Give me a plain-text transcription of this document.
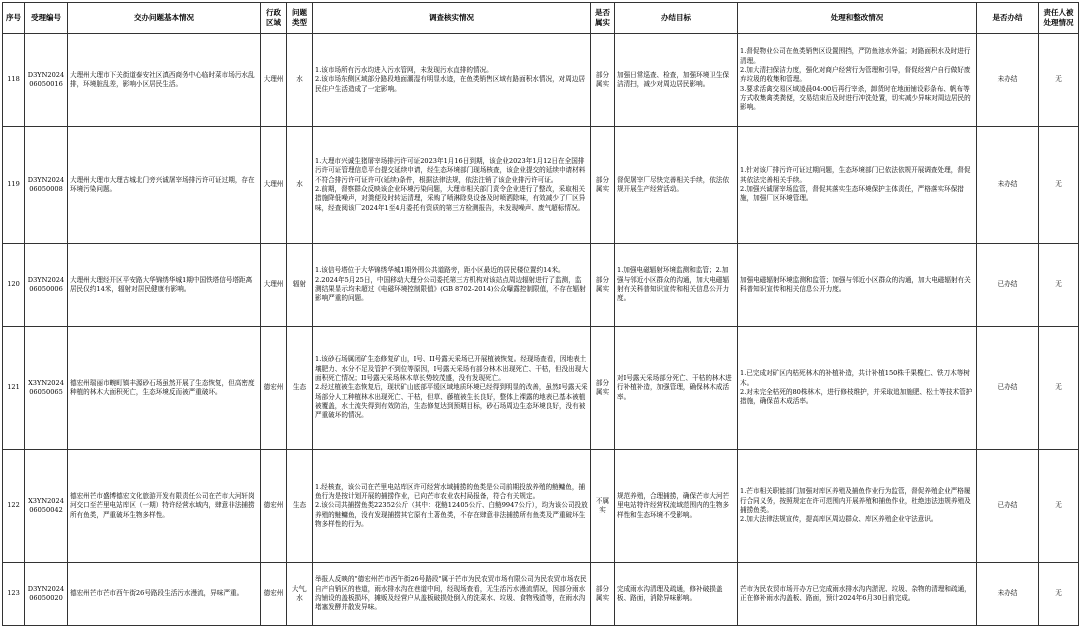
序号	受理编号	交办问题基本情况	行政区域	问题类型	调查核实情况	是否属实	办结目标	处理和整改情况	是否办结	责任人被处理情况
118	D3YN2024 06050016	大理州大理市下关街道泰安社区滇西商务中心临时菜市场污水乱排，环境脏乱差，影响小区居民生活。	大理州	水	1.该市场所有污水均进入污水管网，未发现污水直排的情况。
2.该市场东侧区域部分路段地面潮湿有明显水迹，在鱼类销售区域有路面积水情况，对周边居民住户生活造成了一定影响。	部分属实	加强日常巡查、检查，加强环境卫生保洁清扫，减少对周边居民影响。	1.督促物业公司在鱼类销售区设置围挡，严防鱼池水外溢；对路面积水及时进行清理。
2.加大清扫保洁力度，强化对商户经营行为管理和引导，督促经营户自行做好废弃垃圾的收集和管理。
3.要求活禽交易区域凌晨04:00后再行宰杀，卸货时在地面铺设彩条布、帆布等方式收集禽类粪便，交易结束后及时进行冲洗处置，切实减少异味对周边居民的影响。	未办结	无
119	D3YN2024 06050008	大理州大理市大理古城北门旁兴诚屠宰场排污许可证过期，存在环境污染问题。	大理州	水	1.大理市兴诚生猪屠宰场排污许可证2023年1月16日到期，该企业2023年1月12日在全国排污许可证管理信息平台提交延续申请，经生态环境部门现场核查，该企业提交的延续申请材料不符合排污许可证许可(延续)条件，根据法律法规，依法注销了该企业排污许可证。
2.前期，督察群众反映该企业环境污染问题，大理市相关部门责令企业进行了整改，采取相关措施降低噪声，对粪便及时转运清理，采购了喷淋除臭设备及时喷洒除味，有效减少了厂区异味，经查阅该厂2024年1至4月委托有资质的第三方检测报告，未发现噪声、废气超标情况。	部分属实	督促屠宰厂尽快完善相关手续，依法依规开展生产经营活动。	1.针对该厂排污许可证过期问题，生态环境部门已依法依规开展调查处理，督促其依法完善相关手续。
2.加强兴诚屠宰场监管，督促其落实生态环境保护主体责任，严格落实环保措施，加强厂区环境管理。	未办结	无
120	D3YN2024 06050006	大理州大理经开区平安路大华锦绣华城1期中国铁塔信号塔距离居民仅约14米，辐射对居民健康有影响。	大理州	辐射	1.该信号塔位于大华锦绣华城1期外围公共道路旁，距小区最近的居民楼位置约14米。
2.2024年5月25日，中国移动大理分公司委托第三方机构对该站点周边辐射进行了监测，监测结果显示均未超过《电磁环境控制限值》(GB 8702-2014)公众曝露控制限值，不存在辐射影响严重的问题。	部分属实	1.加强电磁辐射环境监测和监管；2.加强与邻近小区群众的沟通，加大电磁辐射有关科普知识宣传和相关信息公开力度。	加强电磁辐射环境监测和监管；加强与邻近小区群众的沟通，加大电磁辐射有关科普知识宣传和相关信息公开力度。	已办结	无
121	X3YN2024 06050065	德宏州瑞丽市畹町镇丰源砂石场虽然开展了生态恢复，但高密度种植的林木大面积死亡，生态环境反而被严重破坏。	德宏州	生态	1.该砂石场属闭矿生态修复矿山，I号、II号露天采场已开展植被恢复。经现场查看，因地表土壤肥力、水分不足及管护不到位等原因，I号露天采场有部分林木出现死亡、干枯，但没出现大面积死亡情况；II号露天采场林木草长势较茂盛，没有发现死亡。
2.经过植被生态恢复后，现状矿山底部平缓区域地质环境已经得到明显的改善，虽然I号露天采场部分人工种植林木出现死亡、干枯，但草、藤植被生长良好，整体上裸露的地表已基本被植被覆盖，水土流失得到有效防治，生态修复达到预期目标，砂石场周边生态环境良好，没有被严重破坏的情况。	部分属实	对I号露天采场部分死亡、干枯的林木进行补植补造，加强管理，确保林木成活率。	1.已完成对矿区内枯死林木的补植补造，共计补植150株千果榄仁、铁刀木等树木。
2.对未完全枯死的80株林木，进行修枝维护，并采取追加施肥、松土等技术管护措施，确保苗木成活率。	已办结	无
122	X3YN2024 06050042	德宏州芒市盛博德宏文化旅游开发有限责任公司在芒市大河轩岗河交口至芒里电站库区（一期）特许经营水域内，肆意非法捕捞所有鱼类，严重破坏生物多样性。	德宏州	生态	1.经核查，该公司在芒里电站库区许可经营水域捕捞的鱼类是公司前期投放养殖的鲢鳙鱼，捕鱼行为是按计划开展的捕捞作业，已向芒市农业农村局报备，符合有关规定。
2.该公司共捕捞鱼类22352公斤（其中：花鲢12405公斤、白鲢9947公斤），均为该公司投放养殖的鲢鳙鱼，没有发现捕捞其它原有土著鱼类，不存在肆意非法捕捞所有鱼类及严重破坏生物多样性的行为。	不属实	规范养殖，合理捕捞，确保芒市大河芒里电站特许经营权流域范围内的生物多样性和生态环境不受影响。	1.芒市相关职能部门加强对库区养殖及捕鱼作业行为监管，督促养殖企业严格履行合同义务，按照规定在许可范围内开展养殖和捕鱼作业，杜绝违法违规养殖及捕捞鱼类。
2.加大法律法规宣传，提高库区周边群众、库区养殖企业守法意识。	已办结	无
123	D3YN2024 06050020	德宏州芒市芒市西午街26号路段生活污水漫流，异味严重。	德宏州	大气,水	举报人反映的"德宏州芒市西午街26号路段"属于芒市为民农贸市场有限公司为民农贸市场农民自产自销区的巷道，雨水排水沟在巷道中间，经现场查看，无生活污水漫流情况，因部分雨水沟铺设的盖板损坏，摊贩及经营户从盖板破损处倒入的洗菜水、垃圾、食物残渣等，在雨水沟堵塞发酵并散发异味。	部分属实	完成雨水沟清理及疏通，修补破损盖板、路面，消除异味影响。	芒市为民农贸市场开办方已完成雨水排水沟内淤泥、垃圾、杂物的清理和疏通，正在修补雨水沟盖板、路面，预计2024年6月30日前完成。	未办结	无
